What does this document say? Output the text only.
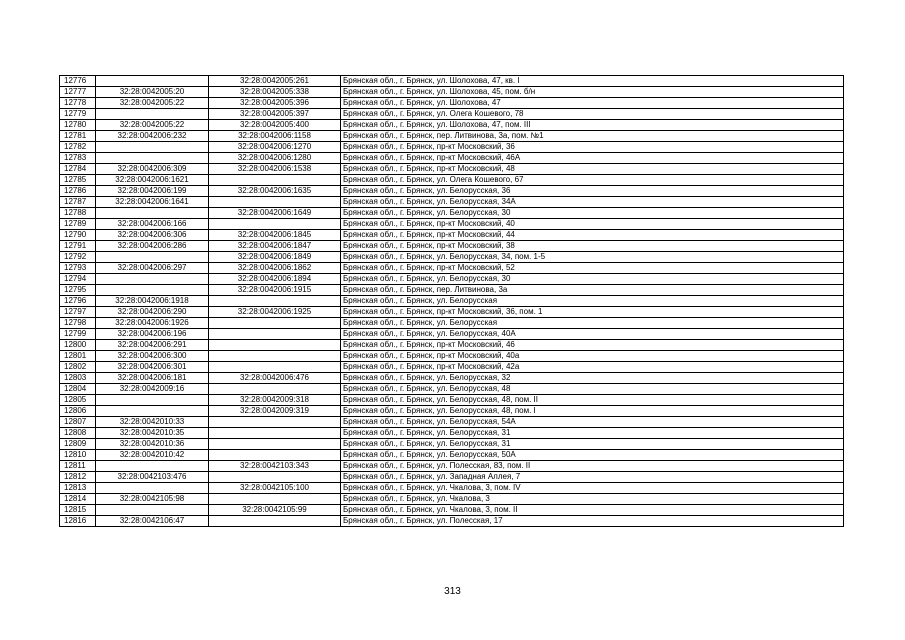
12776		32:28:0042005:261	Брянская обл., г. Брянск, ул. Шолохова, 47, кв. I
12777	32:28:0042005:20	32:28:0042005:338	Брянская обл., г. Брянск, ул. Шолохова, 45, пом. б/н
12778	32:28:0042005:22	32:28:0042005:396	Брянская обл., г. Брянск, ул. Шолохова, 47
12779		32:28:0042005:397	Брянская обл., г. Брянск, ул. Олега Кошевого, 78
12780	32:28:0042005:22	32:28:0042005:400	Брянская обл., г. Брянск, ул. Шолохова, 47, пом. III
12781	32:28:0042006:232	32:28:0042006:1158	Брянская обл., г. Брянск, пер. Литвинова, 3а, пом. №1
12782		32:28:0042006:1270	Брянская обл., г. Брянск, пр-кт Московский, 36
12783		32:28:0042006:1280	Брянская обл., г. Брянск, пр-кт Московский, 46А
12784	32:28:0042006:309	32:28:0042006:1538	Брянская обл., г. Брянск, пр-кт Московский, 48
12785	32:28:0042006:1621		Брянская обл., г. Брянск, ул. Олега Кошевого, 67
12786	32:28:0042006:199	32:28:0042006:1635	Брянская обл., г. Брянск, ул. Белорусская, 36
12787	32:28:0042006:1641		Брянская обл., г. Брянск, ул. Белорусская, 34А
12788		32:28:0042006:1649	Брянская обл., г. Брянск, ул. Белорусская, 30
12789	32:28:0042006:166		Брянская обл., г. Брянск, пр-кт Московский, 40
12790	32:28:0042006:306	32:28:0042006:1845	Брянская обл., г. Брянск, пр-кт Московский, 44
12791	32:28:0042006:286	32:28:0042006:1847	Брянская обл., г. Брянск, пр-кт Московский, 38
12792		32:28:0042006:1849	Брянская обл., г. Брянск, ул. Белорусская, 34, пом. 1-5
12793	32:28:0042006:297	32:28:0042006:1862	Брянская обл., г. Брянск, пр-кт Московский, 52
12794		32:28:0042006:1894	Брянская обл., г. Брянск, ул. Белорусская, 30
12795		32:28:0042006:1915	Брянская обл., г. Брянск, пер. Литвинова, 3а
12796	32:28:0042006:1918		Брянская обл., г. Брянск, ул. Белорусская
12797	32:28:0042006:290	32:28:0042006:1925	Брянская обл., г. Брянск, пр-кт Московский, 36, пом. 1
12798	32:28:0042006:1926		Брянская обл., г. Брянск, ул. Белорусская
12799	32:28:0042006:196		Брянская обл., г. Брянск, ул. Белорусская, 40А
12800	32:28:0042006:291		Брянская обл., г. Брянск, пр-кт Московский, 46
12801	32:28:0042006:300		Брянская обл., г. Брянск, пр-кт Московский, 40а
12802	32:28:0042006:301		Брянская обл., г. Брянск, пр-кт Московский, 42а
12803	32:28:0042006:181	32:28:0042006:476	Брянская обл., г. Брянск, ул. Белорусская, 32
12804	32:28:0042009:16		Брянская обл., г. Брянск, ул. Белорусская, 48
12805		32:28:0042009:318	Брянская обл., г. Брянск, ул. Белорусская, 48, пом. II
12806		32:28:0042009:319	Брянская обл., г. Брянск, ул. Белорусская, 48, пом. I
12807	32:28:0042010:33		Брянская обл., г. Брянск, ул. Белорусская, 54А
12808	32:28:0042010:35		Брянская обл., г. Брянск, ул. Белорусская, 31
12809	32:28:0042010:36		Брянская обл., г. Брянск, ул. Белорусская, 31
12810	32:28:0042010:42		Брянская обл., г. Брянск, ул. Белорусская, 50А
12811		32:28:0042103:343	Брянская обл., г. Брянск, ул. Полесская, 83, пом. II
12812	32:28:0042103:476		Брянская обл., г. Брянск, ул. Западная Аллея, 7
12813		32:28:0042105:100	Брянская обл., г. Брянск, ул. Чкалова, 3, пом. IV
12814	32:28:0042105:98		Брянская обл., г. Брянск, ул. Чкалова, 3
12815		32:28:0042105:99	Брянская обл., г. Брянск, ул. Чкалова, 3, пом. II
12816	32:28:0042106:47		Брянская обл., г. Брянск, ул. Полесская, 17
313
